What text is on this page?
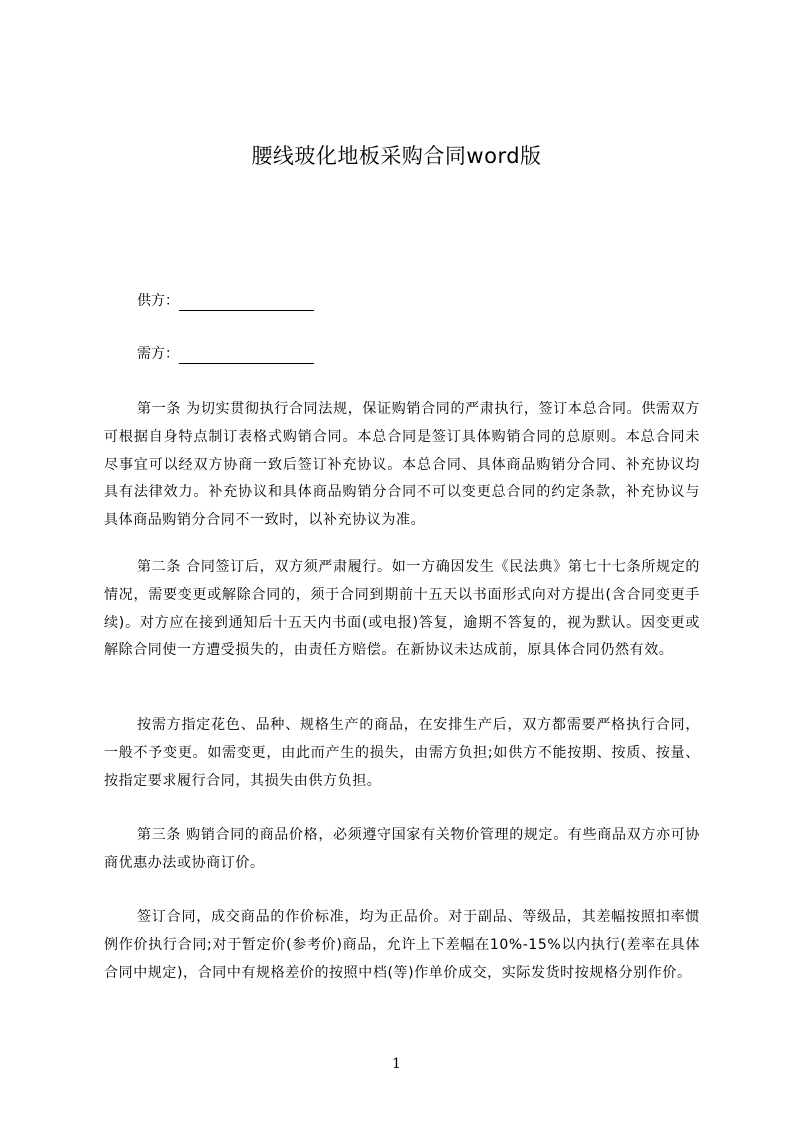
腰线玻化地板采购合同word版
供方：
需方：

第一条 为切实贯彻执行合同法规，保证购销合同的严肃执行，签订本总合同。供需双方可根据自身特点制订表格式购销合同。本总合同是签订具体购销合同的总原则。本总合同未尽事宜可以经双方协商一致后签订补充协议。本总合同、具体商品购销分合同、补充协议均具有法律效力。补充协议和具体商品购销分合同不可以变更总合同的约定条款，补充协议与具体商品购销分合同不一致时，以补充协议为准。

第二条 合同签订后，双方须严肃履行。如一方确因发生《民法典》第七十七条所规定的情况，需要变更或解除合同的，须于合同到期前十五天以书面形式向对方提出(含合同变更手续)。对方应在接到通知后十五天内书面(或电报)答复，逾期不答复的，视为默认。因变更或解除合同使一方遭受损失的，由责任方赔偿。在新协议未达成前，原具体合同仍然有效。

按需方指定花色、品种、规格生产的商品，在安排生产后，双方都需要严格执行合同，一般不予变更。如需变更，由此而产生的损失，由需方负担;如供方不能按期、按质、按量、按指定要求履行合同，其损失由供方负担。

第三条 购销合同的商品价格，必须遵守国家有关物价管理的规定。有些商品双方亦可协商优惠办法或协商订价。

签订合同，成交商品的作价标准，均为正品价。对于副品、等级品，其差幅按照扣率惯例作价执行合同;对于暂定价(参考价)商品，允许上下差幅在10%-15%以内执行(差率在具体合同中规定)，合同中有规格差价的按照中档(等)作单价成交，实际发货时按规格分别作价。

1
